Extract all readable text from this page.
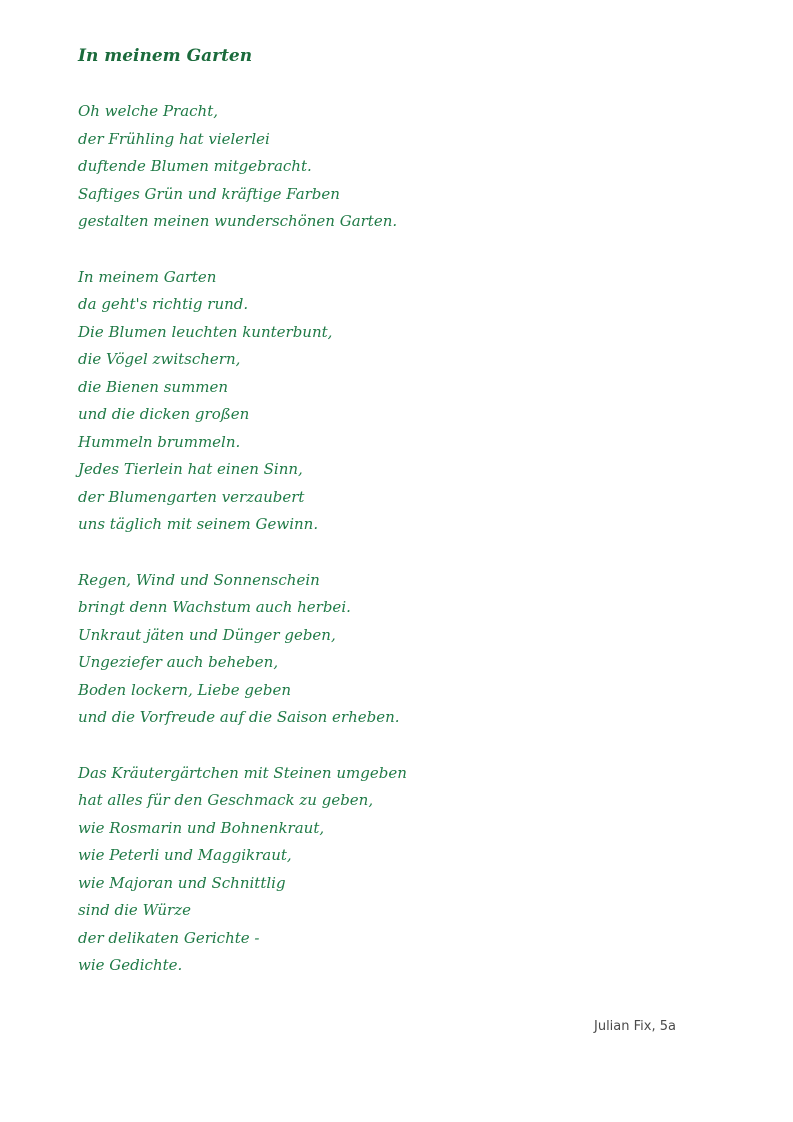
In meinem Garten
Oh welche Pracht,
der Frühling hat vielerlei
duftende Blumen mitgebracht.
Saftiges Grün und kräftige Farben
gestalten meinen wunderschönen Garten.
In meinem Garten
da geht's richtig rund.
Die Blumen leuchten kunterbunt,
die Vögel zwitschern,
die Bienen summen
und die dicken großen
Hummeln brummeln.
Jedes Tierlein hat einen Sinn,
der Blumengarten verzaubert
uns täglich mit seinem Gewinn.
Regen, Wind und Sonnenschein
bringt denn Wachstum auch herbei.
Unkraut jäten und Dünger geben,
Ungeziefer auch beheben,
Boden lockern, Liebe geben
und die Vorfreude auf die Saison erheben.
Das Kräutergärtchen mit Steinen umgeben
hat alles für den Geschmack zu geben,
wie Rosmarin und Bohnenkraut,
wie Peterli und Maggikraut,
wie Majoran und Schnittlig
sind die Würze
der delikaten Gerichte -
wie Gedichte.
Julian Fix, 5a
